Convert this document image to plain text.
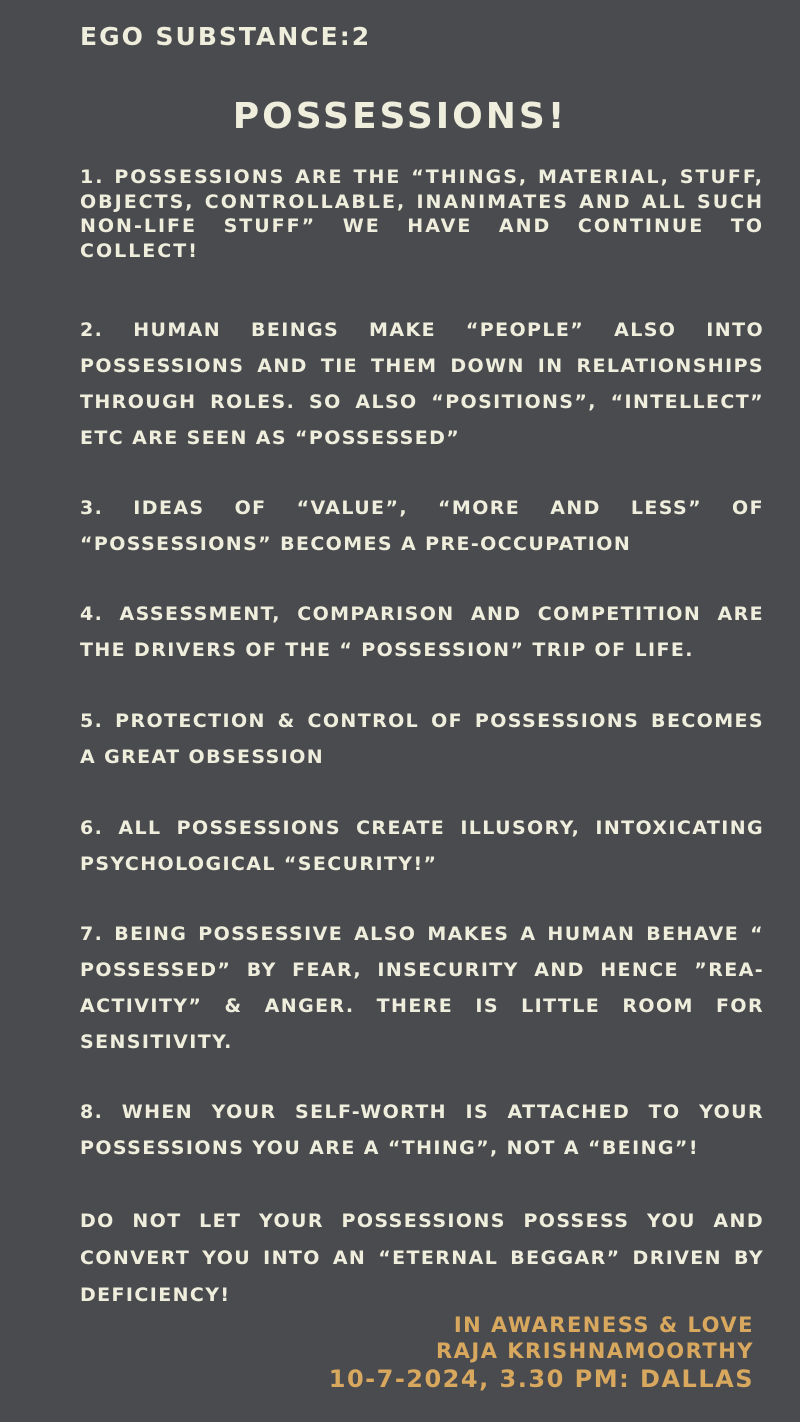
EGO SUBSTANCE:2
POSSESSIONS!

1. POSSESSIONS ARE THE “THINGS, MATERIAL, STUFF, OBJECTS, CONTROLLABLE, INANIMATES AND ALL SUCH NON-LIFE STUFF” WE HAVE AND CONTINUE TO COLLECT!

2. HUMAN BEINGS MAKE “PEOPLE” ALSO INTO POSSESSIONS AND TIE THEM DOWN IN RELATIONSHIPS THROUGH ROLES. SO ALSO “POSITIONS”, “INTELLECT” ETC ARE SEEN AS “POSSESSED”

3. IDEAS OF “VALUE”, “MORE AND LESS” OF “POSSESSIONS” BECOMES A PRE-OCCUPATION

4. ASSESSMENT, COMPARISON AND COMPETITION ARE THE DRIVERS OF THE “ POSSESSION” TRIP OF LIFE.

5. PROTECTION & CONTROL OF POSSESSIONS BECOMES A GREAT OBSESSION

6. ALL POSSESSIONS CREATE ILLUSORY, INTOXICATING PSYCHOLOGICAL “SECURITY!”

7. BEING POSSESSIVE ALSO MAKES A HUMAN BEHAVE “ POSSESSED” BY FEAR, INSECURITY AND HENCE ”REA-ACTIVITY” & ANGER. THERE IS LITTLE ROOM FOR SENSITIVITY.

8. WHEN YOUR SELF-WORTH IS ATTACHED TO YOUR POSSESSIONS YOU ARE A “THING”, NOT A “BEING”!

DO NOT LET YOUR POSSESSIONS POSSESS YOU AND CONVERT YOU INTO AN “ETERNAL BEGGAR” DRIVEN BY DEFICIENCY!

IN AWARENESS & LOVE
RAJA KRISHNAMOORTHY
10-7-2024, 3.30 PM: DALLAS
